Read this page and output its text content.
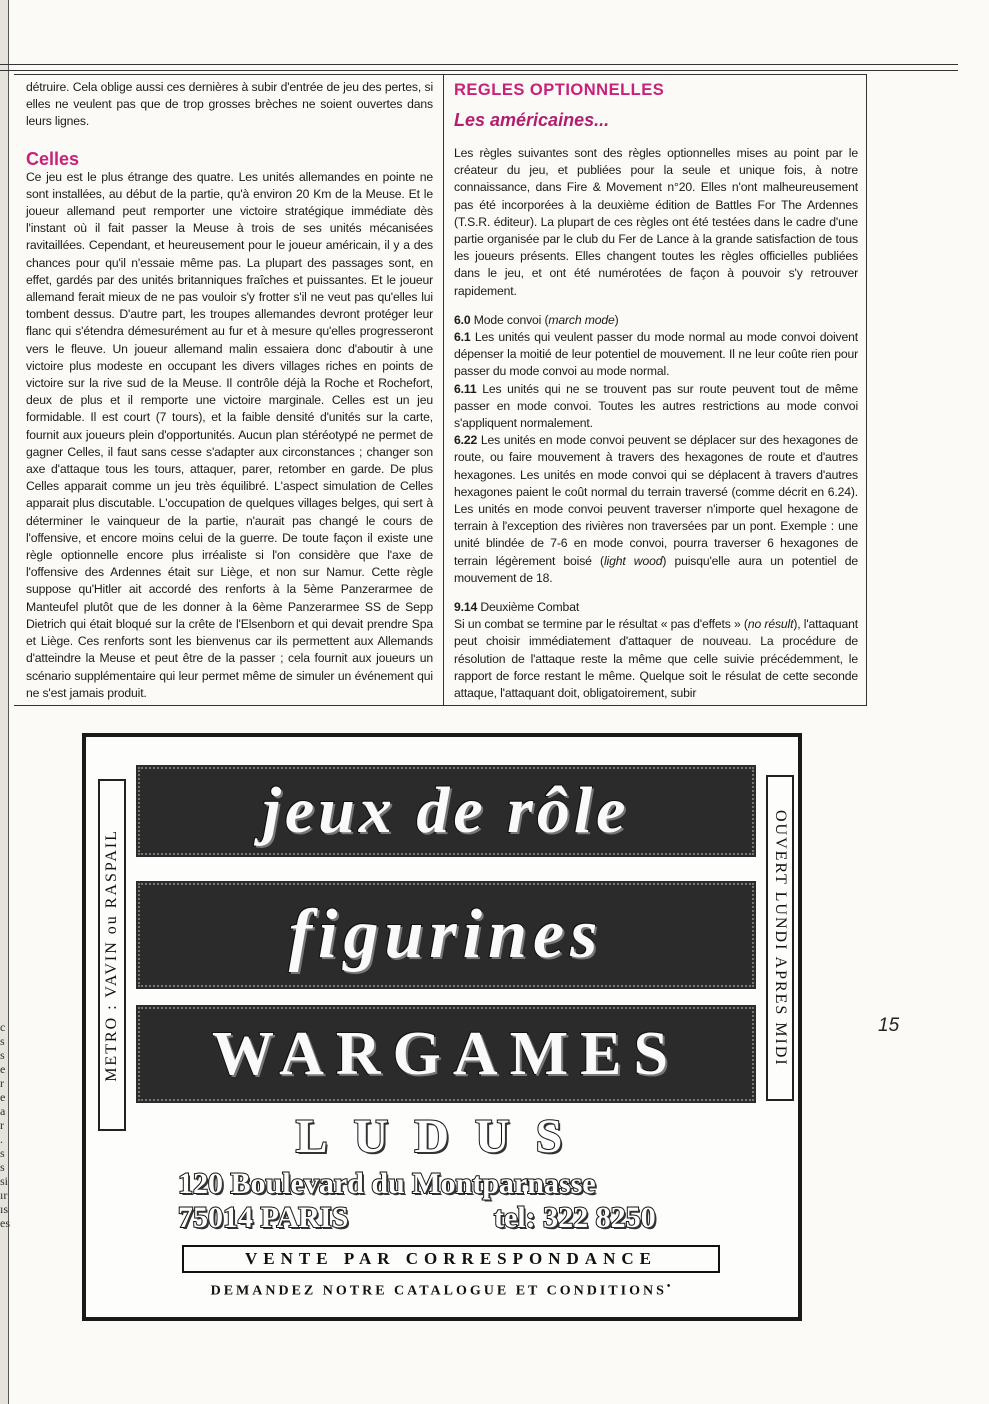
c
s
s
e
r
e
a
r
.
s
s
si
ır
ıs
es

détruire. Cela oblige aussi ces dernières à subir d'entrée de jeu des pertes, si elles ne veulent pas que de trop grosses brèches ne soient ouvertes dans leurs lignes.

Celles

Ce jeu est le plus étrange des quatre. Les unités allemandes en pointe ne sont installées, au début de la partie, qu'à environ 20 Km de la Meuse. Et le joueur allemand peut remporter une victoire stratégique immédiate dès l'instant où il fait passer la Meuse à trois de ses unités mécanisées ravitaillées. Cependant, et heureusement pour le joueur américain, il y a des chances pour qu'il n'essaie même pas. La plupart des passages sont, en effet, gardés par des unités britanniques fraîches et puissantes. Et le joueur allemand ferait mieux de ne pas vouloir s'y frotter s'il ne veut pas qu'elles lui tombent dessus. D'autre part, les troupes allemandes devront protéger leur flanc qui s'étendra démesurément au fur et à mesure qu'elles progresseront vers le fleuve. Un joueur allemand malin essaiera donc d'aboutir à une victoire plus modeste en occupant les divers villages riches en points de victoire sur la rive sud de la Meuse. Il contrôle déjà la Roche et Rochefort, deux de plus et il remporte une victoire marginale. Celles est un jeu formidable. Il est court (7 tours), et la faible densité d'unités sur la carte, fournit aux joueurs plein d'opportunités. Aucun plan stéréotypé ne permet de gagner Celles, il faut sans cesse s'adapter aux circonstances ; changer son axe d'attaque tous les tours, attaquer, parer, retomber en garde. De plus Celles apparait comme un jeu très équilibré. L'aspect simulation de Celles apparait plus discutable. L'occupation de quelques villages belges, qui sert à déterminer le vainqueur de la partie, n'aurait pas changé le cours de l'offensive, et encore moins celui de la guerre. De toute façon il existe une règle optionnelle encore plus irréaliste si l'on considère que l'axe de l'offensive des Ardennes était sur Liège, et non sur Namur. Cette règle suppose qu'Hitler ait accordé des renforts à la 5ème Panzerarmee de Manteufel plutôt que de les donner à la 6ème Panzerarmee SS de Sepp Dietrich qui était bloqué sur la crête de l'Elsenborn et qui devait prendre Spa et Liège. Ces renforts sont les bienvenus car ils permettent aux Allemands d'atteindre la Meuse et peut être de la passer ; cela fournit aux joueurs un scénario supplémentaire qui leur permet même de simuler un événement qui ne s'est jamais produit.

REGLES OPTIONNELLES
Les américaines...

Les règles suivantes sont des règles optionnelles mises au point par le créateur du jeu, et publiées pour la seule et unique fois, à notre connaissance, dans Fire & Movement n°20. Elles n'ont malheureusement pas été incorporées à la deuxième édition de Battles For The Ardennes (T.S.R. éditeur). La plupart de ces règles ont été testées dans le cadre d'une partie organisée par le club du Fer de Lance à la grande satisfaction de tous les joueurs présents. Elles changent toutes les règles officielles publiées dans le jeu, et ont été numérotées de façon à pouvoir s'y retrouver rapidement.

6.0 Mode convoi (march mode)

6.1 Les unités qui veulent passer du mode normal au mode convoi doivent dépenser la moitié de leur potentiel de mouvement. Il ne leur coûte rien pour passer du mode convoi au mode normal.

6.11 Les unités qui ne se trouvent pas sur route peuvent tout de même passer en mode convoi. Toutes les autres restrictions au mode convoi s'appliquent normalement.

6.22 Les unités en mode convoi peuvent se déplacer sur des hexagones de route, ou faire mouvement à travers des hexagones de route et d'autres hexagones. Les unités en mode convoi qui se déplacent à travers d'autres hexagones paient le coût normal du terrain traversé (comme décrit en 6.24). Les unités en mode convoi peuvent traverser n'importe quel hexagone de terrain à l'exception des rivières non traversées par un pont. Exemple : une unité blindée de 7-6 en mode convoi, pourra traverser 6 hexagones de terrain légèrement boisé (light wood) puisqu'elle aura un potentiel de mouvement de 18.

9.14 Deuxième Combat

Si un combat se termine par le résultat « pas d'effets » (no résult), l'attaquant peut choisir immédiatement d'attaquer de nouveau. La procédure de résolution de l'attaque reste la même que celle suivie précédemment, le rapport de force restant le même. Quelque soit le résulat de cette seconde attaque, l'attaquant doit, obligatoirement, subir

15
METRO : VAVIN ou RASPAIL	OUVERT LUNDI APRES MIDI
jeux de rôle
figurines
WARGAMES
LUDUS
120 Boulevard du Montparnasse
75014 PARIS	tel: 322 8250
VENTE PAR CORRESPONDANCE
DEMANDEZ NOTRE CATALOGUE ET CONDITIONS•
